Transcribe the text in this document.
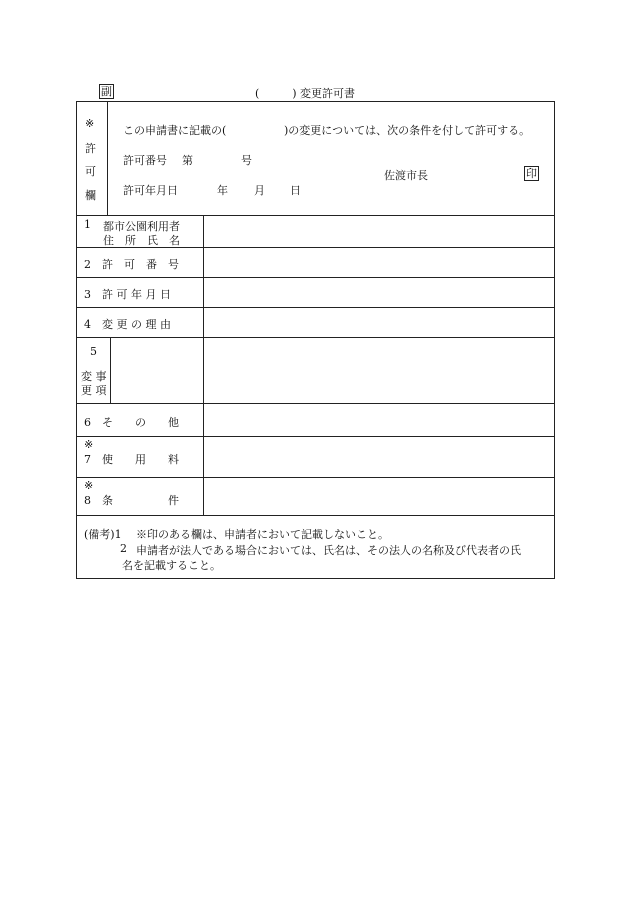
副	(　　　) 変更許可書
※
許
可
欄
この申請書に記載の(	)の変更については、次の条件を付して許可する。
許可番号 第	号
佐渡市長	印
許可年月日	年 月 日
1 都市公園利用者
住　所　氏　名
2　許　可　番　号
3　許 可 年 月 日
4　変 更 の 理 由
5
変 事
更 項
6　そ　　の　　他
※
7　使　　用　　料
※
8　条　　　　　件
(備考)1 ※印のある欄は、申請者において記載しないこと。
2 申請者が法人である場合においては、氏名は、その法人の名称及び代表者の氏
名を記載すること。
